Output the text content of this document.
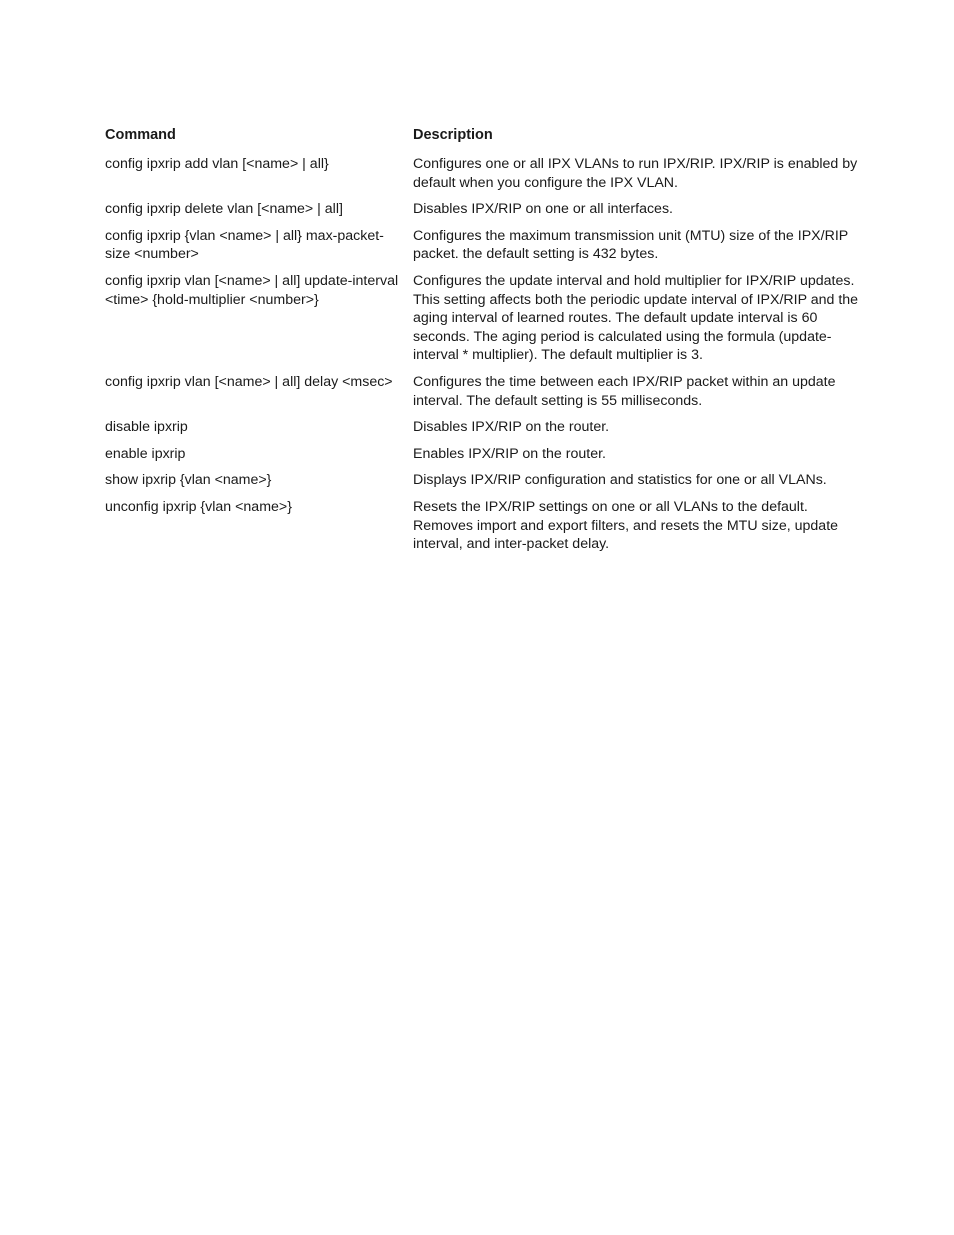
Command	Description
config ipxrip add vlan [<name> | all}	Configures one or all IPX VLANs to run IPX/RIP. IPX/RIP is enabled by default when you configure the IPX VLAN.
config ipxrip delete vlan [<name> | all]	Disables IPX/RIP on one or all interfaces.
config ipxrip {vlan <name> | all} max-packet-size <number>	Configures the maximum transmission unit (MTU) size of the IPX/RIP packet. the default setting is 432 bytes.
config ipxrip vlan [<name> | all] update-interval <time> {hold-multiplier <number>}	Configures the update interval and hold multiplier for IPX/RIP updates. This setting affects both the periodic update interval of IPX/RIP and the aging interval of learned routes. The default update interval is 60 seconds. The aging period is calculated using the formula (update-interval * multiplier). The default multiplier is 3.
config ipxrip vlan [<name> | all] delay <msec>	Configures the time between each IPX/RIP packet within an update interval. The default setting is 55 milliseconds.
disable ipxrip	Disables IPX/RIP on the router.
enable ipxrip	Enables IPX/RIP on the router.
show ipxrip {vlan <name>}	Displays IPX/RIP configuration and statistics for one or all VLANs.
unconfig ipxrip {vlan <name>}	Resets the IPX/RIP settings on one or all VLANs to the default. Removes import and export filters, and resets the MTU size, update interval, and inter-packet delay.
